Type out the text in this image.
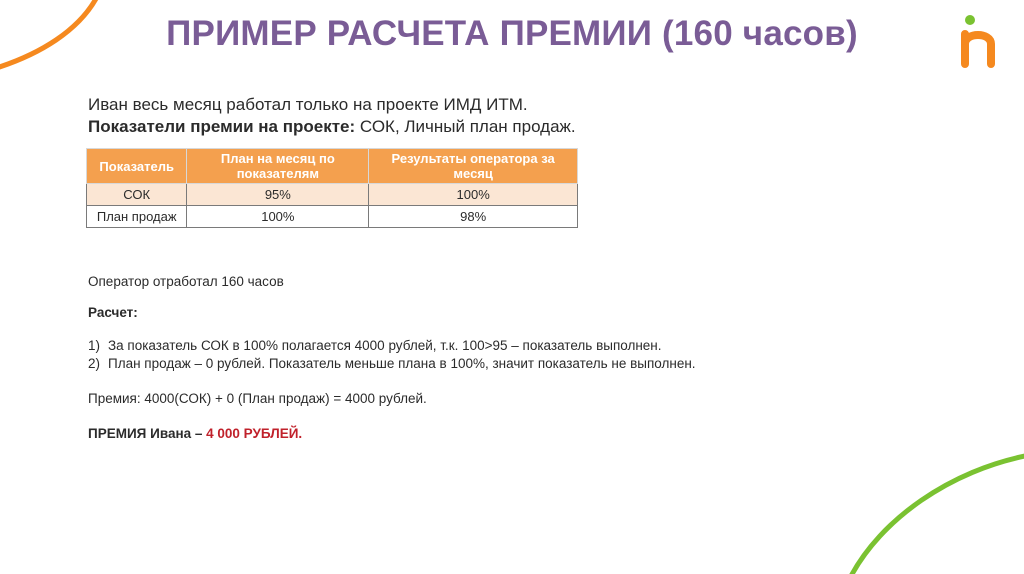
ПРИМЕР РАСЧЕТА ПРЕМИИ (160 часов)
Иван весь месяц работал только на проекте ИМД ИТМ.
Показатели премии на проекте: СОК, Личный план продаж.
Показатель	План на месяц по показателям	Результаты оператора за месяц
СОК	95%	100%
План продаж	100%	98%
Оператор отработал 160 часов
Расчет:
1) За показатель СОК в 100% полагается 4000 рублей, т.к. 100>95 – показатель выполнен.
2) План продаж – 0 рублей. Показатель меньше плана в 100%, значит показатель не выполнен.
Премия: 4000(СОК) + 0 (План продаж) = 4000 рублей.
ПРЕМИЯ Ивана – 4 000 РУБЛЕЙ.
